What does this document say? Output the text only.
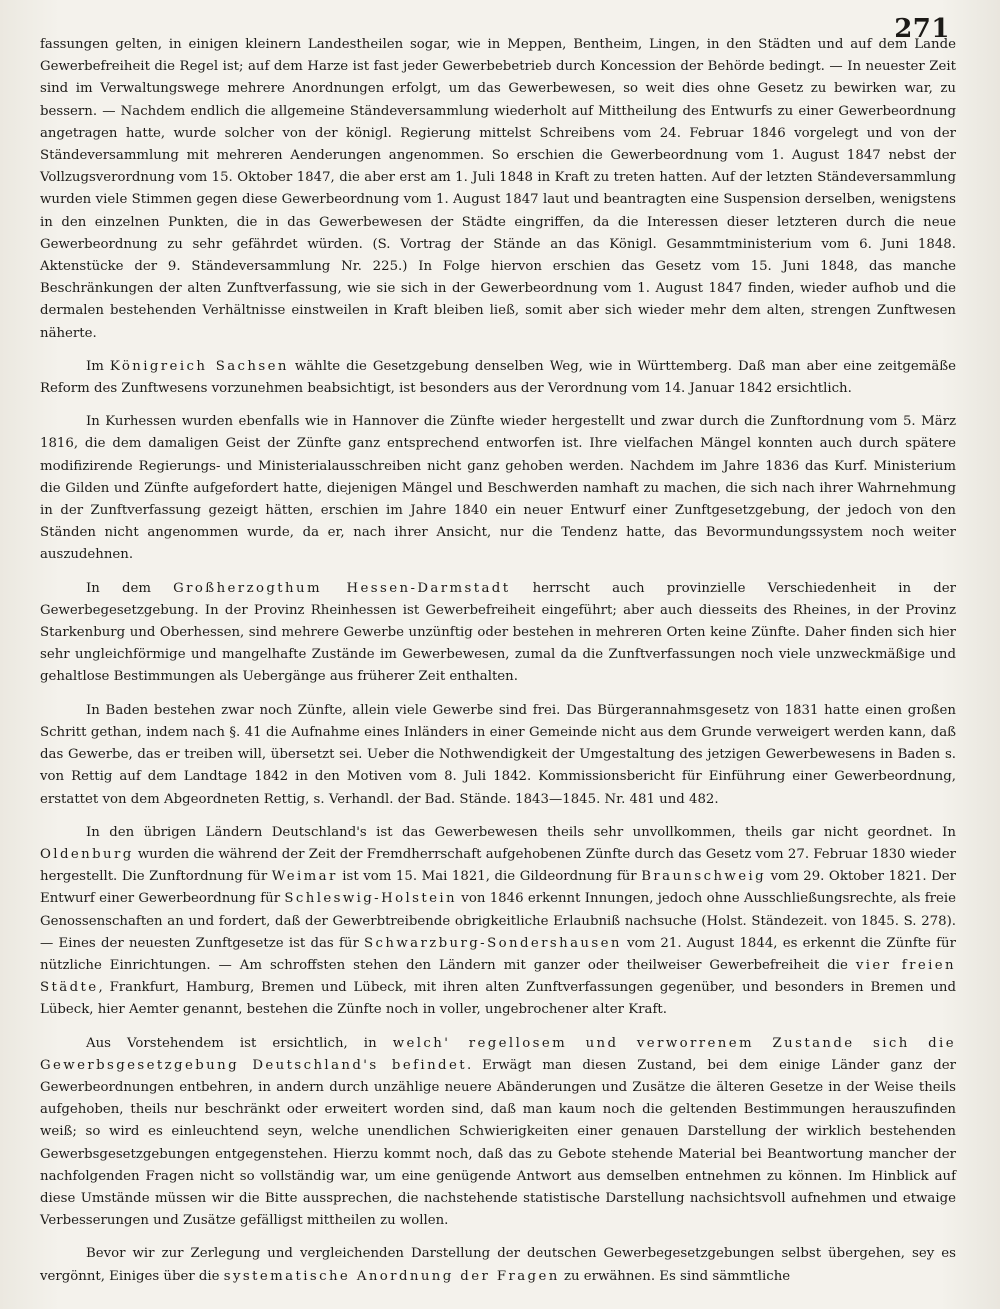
271

fassungen gelten, in einigen kleinern Landestheilen sogar, wie in Meppen, Bentheim, Lingen, in den Städten und auf dem Lande Gewerbefreiheit die Regel ist; auf dem Harze ist fast jeder Gewerbebetrieb durch Koncession der Behörde bedingt. — In neuester Zeit sind im Verwaltungswege mehrere Anordnungen erfolgt, um das Gewerbewesen, so weit dies ohne Gesetz zu bewirken war, zu bessern. — Nachdem endlich die allgemeine Ständeversammlung wiederholt auf Mittheilung des Entwurfs zu einer Gewerbeordnung angetragen hatte, wurde solcher von der königl. Regierung mittelst Schreibens vom 24. Februar 1846 vorgelegt und von der Ständeversammlung mit mehreren Aenderungen angenommen. So erschien die Gewerbeordnung vom 1. August 1847 nebst der Vollzugsverordnung vom 15. Oktober 1847, die aber erst am 1. Juli 1848 in Kraft zu treten hatten. Auf der letzten Ständeversammlung wurden viele Stimmen gegen diese Gewerbeordnung vom 1. August 1847 laut und beantragten eine Suspension derselben, wenigstens in den einzelnen Punkten, die in das Gewerbewesen der Städte eingriffen, da die Interessen dieser letzteren durch die neue Gewerbeordnung zu sehr gefährdet würden. (S. Vortrag der Stände an das Königl. Gesammtministerium vom 6. Juni 1848. Aktenstücke der 9. Ständeversammlung Nr. 225.) In Folge hiervon erschien das Gesetz vom 15. Juni 1848, das manche Beschränkungen der alten Zunftverfassung, wie sie sich in der Gewerbeordnung vom 1. August 1847 finden, wieder aufhob und die dermalen bestehenden Verhältnisse einstweilen in Kraft bleiben ließ, somit aber sich wieder mehr dem alten, strengen Zunftwesen näherte.

Im Königreich Sachsen wählte die Gesetzgebung denselben Weg, wie in Württemberg. Daß man aber eine zeitgemäße Reform des Zunftwesens vorzunehmen beabsichtigt, ist besonders aus der Verordnung vom 14. Januar 1842 ersichtlich.

In Kurhessen wurden ebenfalls wie in Hannover die Zünfte wieder hergestellt und zwar durch die Zunftordnung vom 5. März 1816, die dem damaligen Geist der Zünfte ganz entsprechend entworfen ist. Ihre vielfachen Mängel konnten auch durch spätere modifizirende Regierungs- und Ministerialausschreiben nicht ganz gehoben werden. Nachdem im Jahre 1836 das Kurf. Ministerium die Gilden und Zünfte aufgefordert hatte, diejenigen Mängel und Beschwerden namhaft zu machen, die sich nach ihrer Wahrnehmung in der Zunftverfassung gezeigt hätten, erschien im Jahre 1840 ein neuer Entwurf einer Zunftgesetzgebung, der jedoch von den Ständen nicht angenommen wurde, da er, nach ihrer Ansicht, nur die Tendenz hatte, das Bevormundungssystem noch weiter auszudehnen.

In dem Großherzogthum Hessen-Darmstadt herrscht auch provinzielle Verschiedenheit in der Gewerbegesetzgebung. In der Provinz Rheinhessen ist Gewerbefreiheit eingeführt; aber auch diesseits des Rheines, in der Provinz Starkenburg und Oberhessen, sind mehrere Gewerbe unzünftig oder bestehen in mehreren Orten keine Zünfte. Daher finden sich hier sehr ungleichförmige und mangelhafte Zustände im Gewerbewesen, zumal da die Zunftverfassungen noch viele unzweckmäßige und gehaltlose Bestimmungen als Uebergänge aus früherer Zeit enthalten.

In Baden bestehen zwar noch Zünfte, allein viele Gewerbe sind frei. Das Bürgerannahmsgesetz von 1831 hatte einen großen Schritt gethan, indem nach §. 41 die Aufnahme eines Inländers in einer Gemeinde nicht aus dem Grunde verweigert werden kann, daß das Gewerbe, das er treiben will, übersetzt sei. Ueber die Nothwendigkeit der Umgestaltung des jetzigen Gewerbewesens in Baden s. von Rettig auf dem Landtage 1842 in den Motiven vom 8. Juli 1842. Kommissionsbericht für Einführung einer Gewerbeordnung, erstattet von dem Abgeordneten Rettig, s. Verhandl. der Bad. Stände. 1843—1845. Nr. 481 und 482.

In den übrigen Ländern Deutschland's ist das Gewerbewesen theils sehr unvollkommen, theils gar nicht geordnet. In Oldenburg wurden die während der Zeit der Fremdherrschaft aufgehobenen Zünfte durch das Gesetz vom 27. Februar 1830 wieder hergestellt. Die Zunftordnung für Weimar ist vom 15. Mai 1821, die Gildeordnung für Braunschweig vom 29. Oktober 1821. Der Entwurf einer Gewerbeordnung für Schleswig-Holstein von 1846 erkennt Innungen, jedoch ohne Ausschließungsrechte, als freie Genossenschaften an und fordert, daß der Gewerbtreibende obrigkeitliche Erlaubniß nachsuche (Holst. Ständezeit. von 1845. S. 278). — Eines der neuesten Zunftgesetze ist das für Schwarzburg-Sondershausen vom 21. August 1844, es erkennt die Zünfte für nützliche Einrichtungen. — Am schroffsten stehen den Ländern mit ganzer oder theilweiser Gewerbefreiheit die vier freien Städte, Frankfurt, Hamburg, Bremen und Lübeck, mit ihren alten Zunftverfassungen gegenüber, und besonders in Bremen und Lübeck, hier Aemter genannt, bestehen die Zünfte noch in voller, ungebrochener alter Kraft.

Aus Vorstehendem ist ersichtlich, in welch' regellosem und verworrenem Zustande sich die Gewerbsgesetzgebung Deutschland's befindet. Erwägt man diesen Zustand, bei dem einige Länder ganz der Gewerbeordnungen entbehren, in andern durch unzählige neuere Abänderungen und Zusätze die älteren Gesetze in der Weise theils aufgehoben, theils nur beschränkt oder erweitert worden sind, daß man kaum noch die geltenden Bestimmungen herauszufinden weiß; so wird es einleuchtend seyn, welche unendlichen Schwierigkeiten einer genauen Darstellung der wirklich bestehenden Gewerbsgesetzgebungen entgegenstehen. Hierzu kommt noch, daß das zu Gebote stehende Material bei Beantwortung mancher der nachfolgenden Fragen nicht so vollständig war, um eine genügende Antwort aus demselben entnehmen zu können. Im Hinblick auf diese Umstände müssen wir die Bitte aussprechen, die nachstehende statistische Darstellung nachsichtsvoll aufnehmen und etwaige Verbesserungen und Zusätze gefälligst mittheilen zu wollen.

Bevor wir zur Zerlegung und vergleichenden Darstellung der deutschen Gewerbegesetzgebungen selbst übergehen, sey es vergönnt, Einiges über die systematische Anordnung der Fragen zu erwähnen. Es sind sämmtliche
